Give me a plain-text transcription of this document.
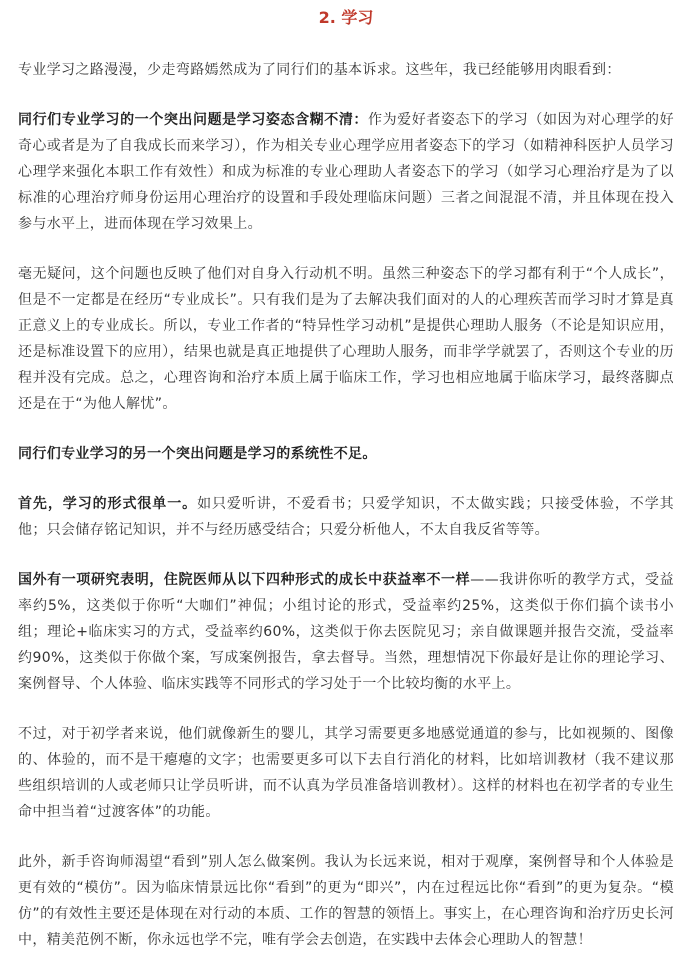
2. 学习

专业学习之路漫漫，少走弯路嫣然成为了同行们的基本诉求。这些年，我已经能够用肉眼看到：

同行们专业学习的一个突出问题是学习姿态含糊不清：作为爱好者姿态下的学习（如因为对心理学的好奇心或者是为了自我成长而来学习），作为相关专业心理学应用者姿态下的学习（如精神科医护人员学习心理学来强化本职工作有效性）和成为标准的专业心理助人者姿态下的学习（如学习心理治疗是为了以标准的心理治疗师身份运用心理治疗的设置和手段处理临床问题）三者之间混混不清，并且体现在投入参与水平上，进而体现在学习效果上。

毫无疑问，这个问题也反映了他们对自身入行动机不明。虽然三种姿态下的学习都有利于“个人成长”，但是不一定都是在经历“专业成长”。只有我们是为了去解决我们面对的人的心理疾苦而学习时才算是真正意义上的专业成长。所以，专业工作者的“特异性学习动机”是提供心理助人服务（不论是知识应用，还是标准设置下的应用），结果也就是真正地提供了心理助人服务，而非学学就罢了，否则这个专业的历程并没有完成。总之，心理咨询和治疗本质上属于临床工作，学习也相应地属于临床学习，最终落脚点还是在于“为他人解忧”。

同行们专业学习的另一个突出问题是学习的系统性不足。

首先，学习的形式很单一。如只爱听讲，不爱看书；只爱学知识，不太做实践；只接受体验，不学其他；只会储存铭记知识，并不与经历感受结合；只爱分析他人，不太自我反省等等。

国外有一项研究表明，住院医师从以下四种形式的成长中获益率不一样——我讲你听的教学方式，受益率约5%，这类似于你听“大咖们”神侃；小组讨论的形式，受益率约25%，这类似于你们搞个读书小组；理论+临床实习的方式，受益率约60%，这类似于你去医院见习；亲自做课题并报告交流，受益率约90%，这类似于你做个案，写成案例报告，拿去督导。当然，理想情况下你最好是让你的理论学习、案例督导、个人体验、临床实践等不同形式的学习处于一个比较均衡的水平上。

不过，对于初学者来说，他们就像新生的婴儿，其学习需要更多地感觉通道的参与，比如视频的、图像的、体验的，而不是干瘪瘪的文字；也需要更多可以下去自行消化的材料，比如培训教材（我不建议那些组织培训的人或老师只让学员听讲，而不认真为学员准备培训教材）。这样的材料也在初学者的专业生命中担当着“过渡客体”的功能。

此外，新手咨询师渴望“看到”别人怎么做案例。我认为长远来说，相对于观摩，案例督导和个人体验是更有效的“模仿”。因为临床情景远比你“看到”的更为“即兴”，内在过程远比你“看到”的更为复杂。“模仿”的有效性主要还是体现在对行动的本质、工作的智慧的领悟上。事实上，在心理咨询和治疗历史长河中，精美范例不断，你永远也学不完，唯有学会去创造，在实践中去体会心理助人的智慧！
